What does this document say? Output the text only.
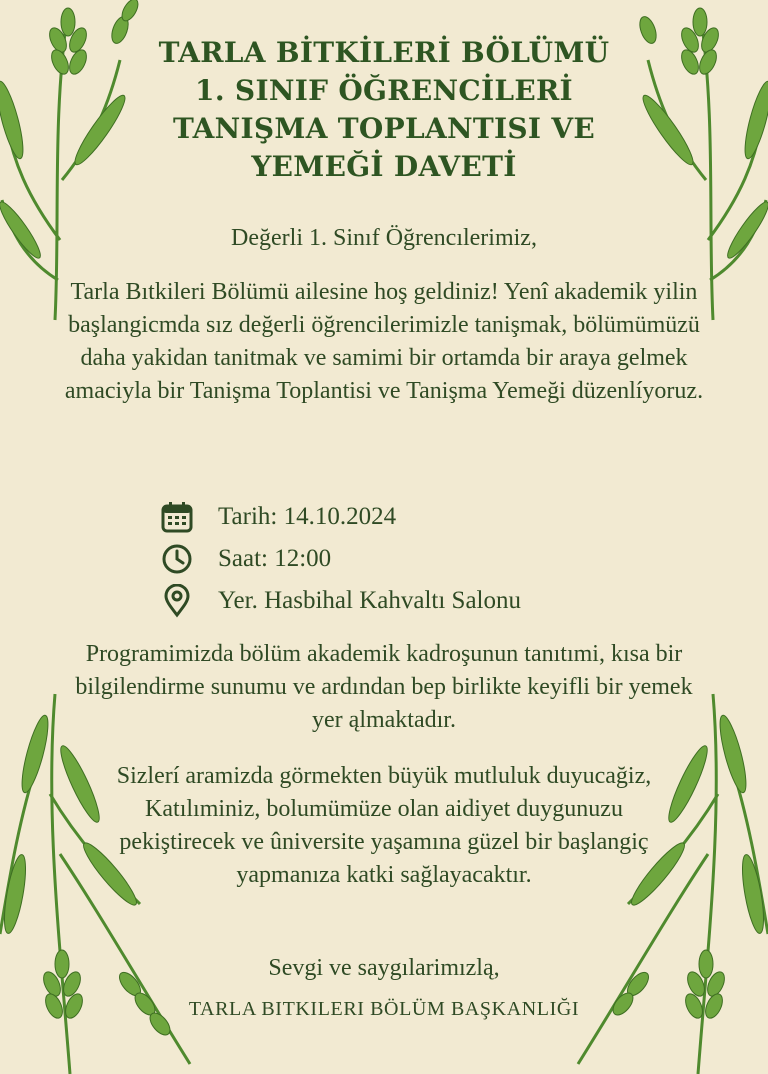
TARLA BİTKİLERİ BÖLÜMÜ
1. SINIF ÖĞRENCİLERİ
TANIŞMA TOPLANTISI VE
YEMEĞİ DAVETİ

Değerli 1. Sinıf Öğrencılerimiz,

Tarla Bıtkileri Bölümü ailesine hoş geldiniz! Yenî akademik yilin başlangicmda sız değerli öğrencilerimizle tanişmak, bölümümüzü daha yakidan tanitmak ve samimi bir ortamda bir araya gelmek amaciyla bir Tanişma Toplantisi ve Tanişma Yemeği düzenlíyoruz.

Tarih: 14.10.2024
Saat: 12:00
Yer. Hasbihal Kahvaltı Salonu

Programimizda bölüm akademik kadroşunun tanıtımi, kısa bir bilgilendirme sunumu ve ardından bep birlikte keyifli bir yemek yer ąlmaktadır.

Sizlerí aramizda görmekten büyük mutluluk duyucağiz, Katılıminiz, bolumümüze olan aidiyet duygunuzu pekiştirecek ve ûniversite yaşamına güzel bir başlangiç yapmanıza katki sağlayacaktır.

Sevgi ve saygılarimızlą,

TARLA BITKILERI BÖLÜM BAŞKANLIĞI
